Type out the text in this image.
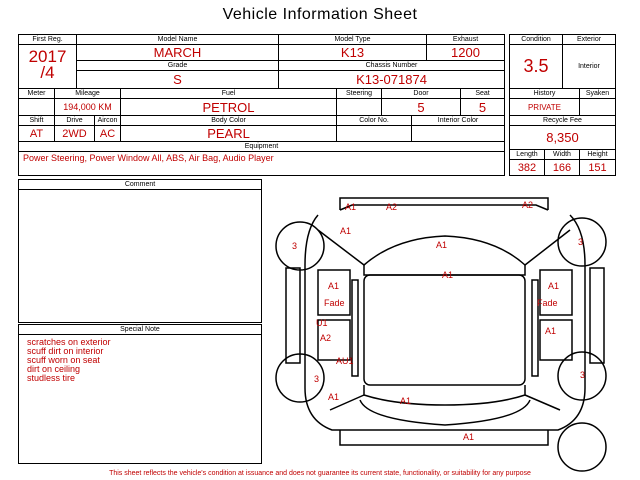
Vehicle Information Sheet
First Reg.
2017
/4	Model Name	Model Type	Exhaust
	MARCH	K13	1200
	Grade	Chassis Number	
	S	K13-071874	
Condition	Exterior
3.5	Interior
Meter	Mileage		Fuel	Steering	Door		Seat
	194,000 KM		PETROL		5		5
Shift	Drive	Aircon	Body Color	Color No.		Interior Color	
AT	2WD	AC	PEARL				
Equipment							
Power Steering, Power Window All, ABS, Air Bag, Audio Player							
History		Syaken
PRIVATE		
Recycle Fee		
8,350		
Length	Width	Height
382	166	151
Comment
Special Note
scratches on exterior
scuff dirt on interior
scuff worn on seat
dirt on ceiling
studless tire
A1	A2	A2
A1
A1
A1
A1
Fade
U1
A2
AU1
A1
A1
Fade
A1
A1
A1
3	3
3	3
This sheet reflects the vehicle's condition at issuance and does not guarantee its current state, functionality, or suitability for any purpose
